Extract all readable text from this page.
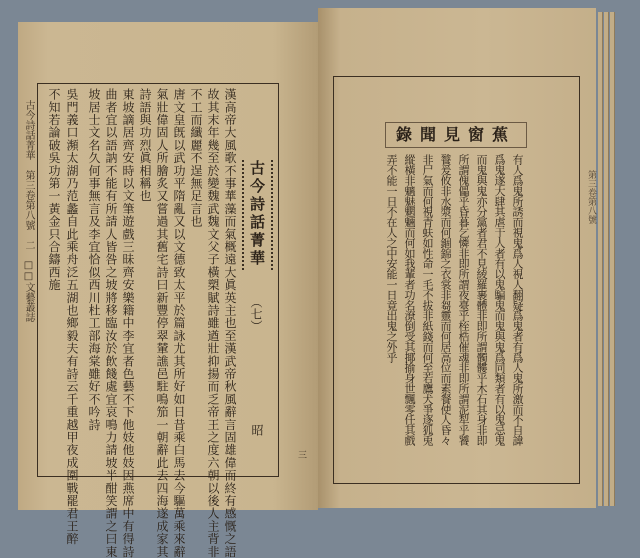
古今詩話菁華　第三卷第八號　二　□□文藝叢誌	古今詩話菁華
（七）
昭
三
漢高帝大風歌不事華藻而氣概遠大眞英主也至漢武帝秋風辭言固雄偉而終有感慨之語
故其末年幾至於變魏武魏文父子橫槊賦詩雖遒壯抑揚而乏帝王之度六朝以後人主背非
不工而纖麗不逞無足言也
唐文皇旣以武功平隋亂又以文德致太平於篇詠尤其所好如日昔乘白馬去今驅萬乘來辭
氣壯偉固人所膾炙又嘗過其舊宅詩曰新豐停翠輦譙邑駐鳴笳一朝辭此去四海遂成家其
詩語與功烈眞相稱也
東坡謫居齊安時以文筆遊戲三昧齊安樂籍中李宜者色藝不下他妓他妓因燕席中有得詩
曲者宜以語訥不能有所請人皆咎之坡將移臨汝於飲餞處宜哀鳴力請坡半酣笑謂之曰東
坡居士文名久何事無言及李宜恰似西川杜工部海棠雖好不吟詩
吳門義口瀕太湖乃范蠡自此乘舟泛五湖也鄉毅夫有詩云千重越甲夜成圍戰罷君王醉
不知若論破吳功第一黃金只合鑄西施	蕉窗見聞錄
有人爲鬼所誘而視鬼爲人視人翻疑爲鬼者有爲人鬼所激而不自諱
爲鬼遂大肆其虐于人者有以鬼騙鬼而鬼與鬼爲同類者有以鬼忌鬼
而鬼與鬼亦分黨者君不見綾羅裹體非即所謂髑髏乎木石其身非即
所謂傀儡乎昏暮乞憐非即所謂夜臺乎桎梏催魂非即所謂泥犁乎饕
餮爰攸非水漿而何錮錦之衣裳非芻靈而何居高位而素餐使人昏々
非尸氣而何視青蚨如性命一毛不拔非紙錢而何至若鷹犬爭逐狐兎
縱橫非魑魅魍魎而何如我輩者功名潦倒受其揶揄身世飄零任其戲
弄不能一日不在人之中安能一日竟出鬼之外乎	第三卷第八號
